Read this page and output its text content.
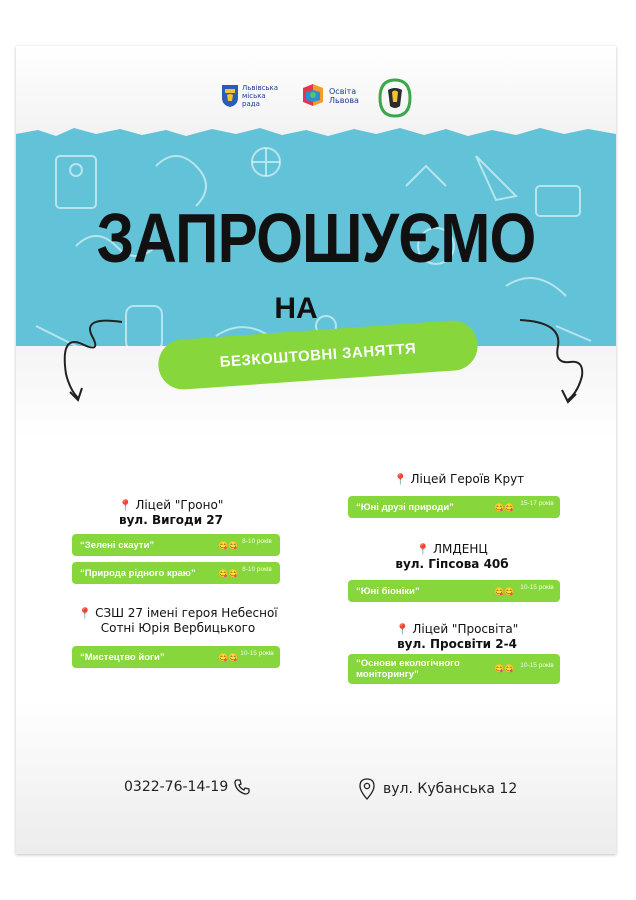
Львівська
міська
рада
Освіта
Львова
ЗАПРОШУЄМО
НА
БЕЗКОШТОВНІ ЗАНЯТТЯ
📍 Ліцей "Гроно"
вул. Вигоди 27
“Зелені скаути”	😋😋 8-10 років
“Природа рідного краю”	😋😋 8-10 років
📍 СЗШ 27 імені героя Небесної
Сотні Юрія Вербицького
“Мистецтво йоги”	😋😋 10-15 років
📍 Ліцей Героїв Крут
“Юні друзі природи”	😋😋 15-17 років
📍 ЛМДЕНЦ
вул. Гіпсова 40б
“Юні біоніки”	😋😋 10-15 років
📍 Ліцей "Просвіта"
вул. Просвіти 2-4
“Основи екологічного моніторингу”
😋😋 10-15 років
0322-76-14-19	вул. Кубанська 12
